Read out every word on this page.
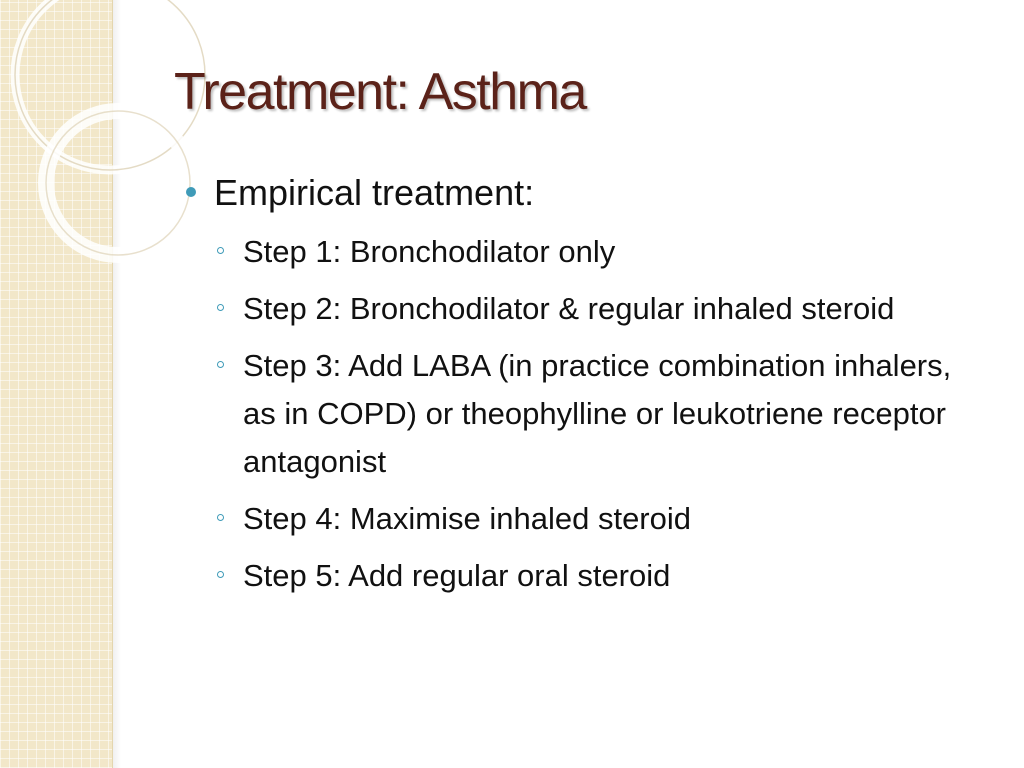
Treatment: Asthma
Empirical treatment:
Step 1: Bronchodilator only
Step 2: Bronchodilator & regular inhaled steroid
Step 3: Add LABA (in practice combination inhalers, as in COPD) or theophylline or leukotriene receptor antagonist
Step 4: Maximise inhaled steroid
Step 5: Add regular oral steroid
